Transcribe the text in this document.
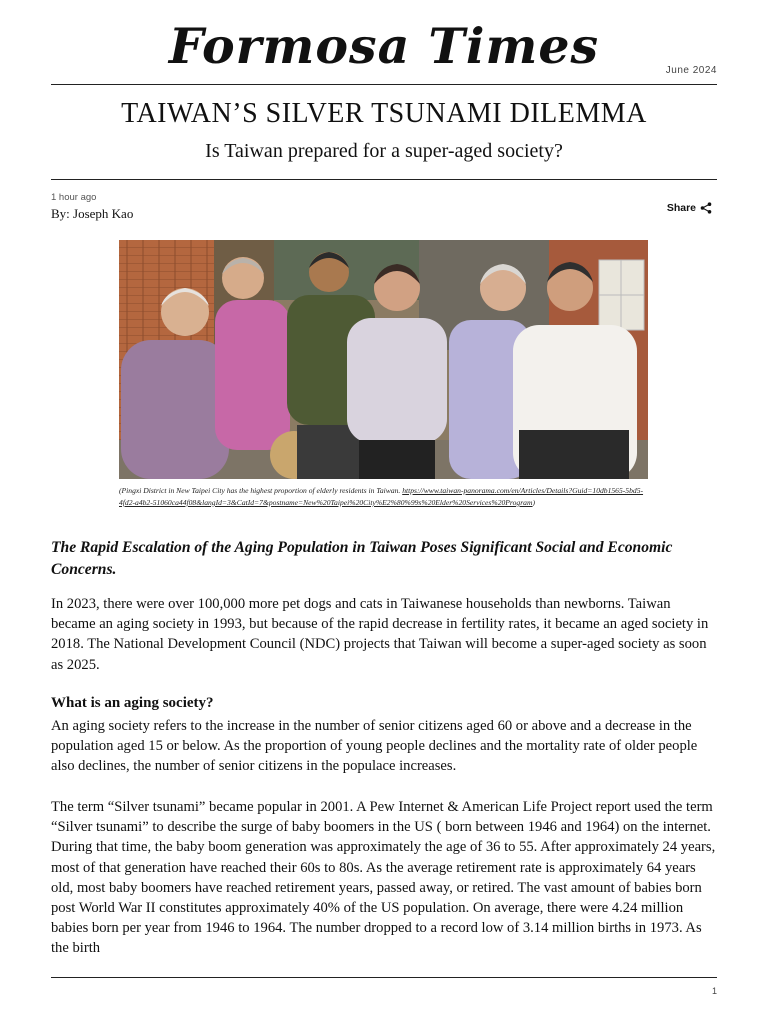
Formosa Times	June 2024
TAIWAN’S SILVER TSUNAMI DILEMMA
Is Taiwan prepared for a super-aged society?
1 hour ago
By: Joseph Kao	Share
(Pingxi District in New Taipei City has the highest proportion of elderly residents in Taiwan. https://www.taiwan-panorama.com/en/Articles/Details?Guid=10db1565-5bd5-4fd2-a4b2-51060ca44f08&langId=3&CatId=7&postname=New%20Taipei%20City%E2%80%99s%20Elder%20Services%20Program)
The Rapid Escalation of the Aging Population in Taiwan Poses Significant Social and Economic Concerns.

In 2023, there were over 100,000 more pet dogs and cats in Taiwanese households than newborns. Taiwan became an aging society in 1993, but because of the rapid decrease in fertility rates, it became an aged society in 2018. The National Development Council (NDC) projects that Taiwan will become a super-aged society as soon as 2025.

What is an aging society?

An aging society refers to the increase in the number of senior citizens aged 60 or above and a decrease in the population aged 15 or below. As the proportion of young people declines and the mortality rate of older people also declines, the number of senior citizens in the populace increases.

The term “Silver tsunami” became popular in 2001. A Pew Internet & American Life Project report used the term “Silver tsunami” to describe the surge of baby boomers in the US ( born between 1946 and 1964) on the internet. During that time, the baby boom generation was approximately the age of 36 to 55. After approximately 24 years, most of that generation have reached their 60s to 80s. As the average retirement rate is approximately 64 years old, most baby boomers have reached retirement years, passed away, or retired. The vast amount of babies born post World War II constitutes approximately 40% of the US population. On average, there were 4.24 million babies born per year from 1946 to 1964. The number dropped to a record low of 3.14 million births in 1973. As the birth

1
